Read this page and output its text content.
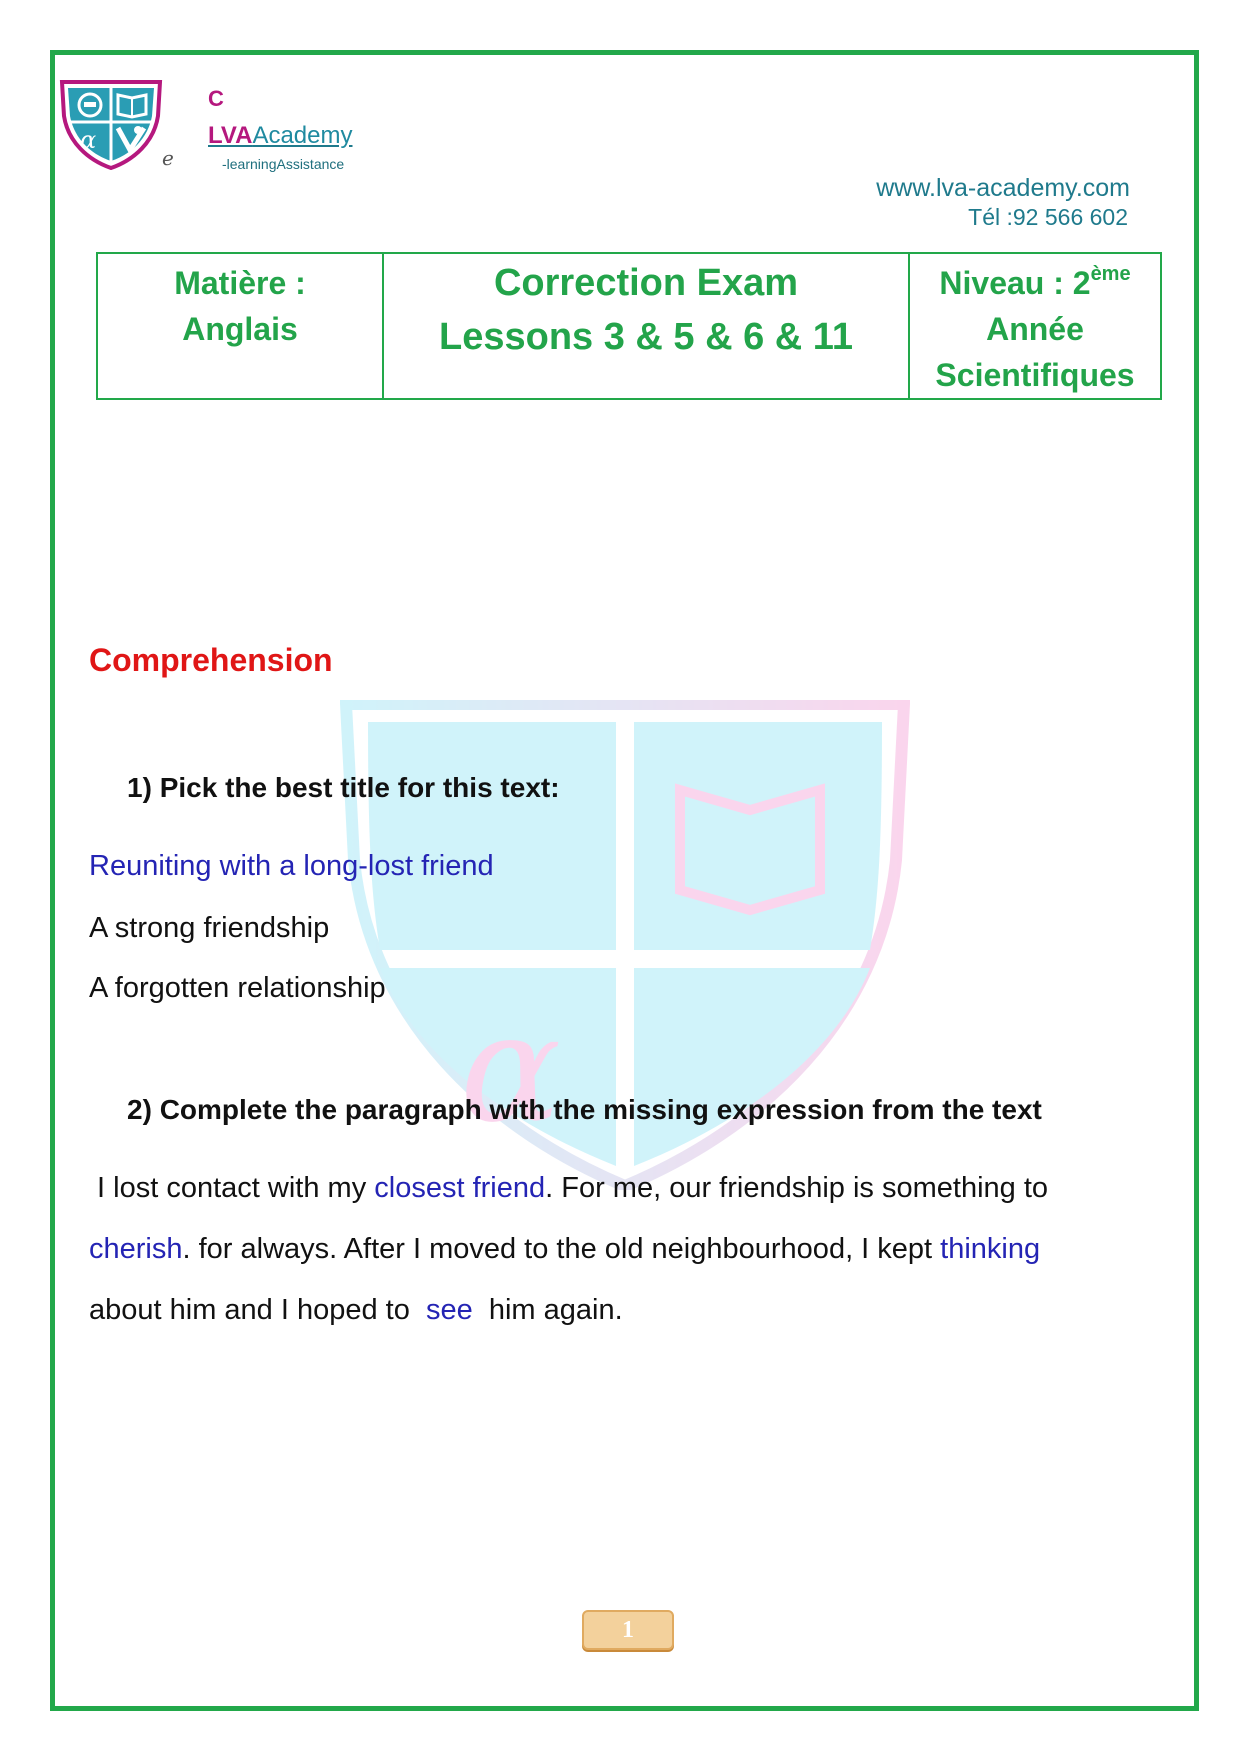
α
e
C
LVAAcademy
-learningAssistance
www.lva-academy.com
Tél :92 566 602
Matière :
Anglais

Correction Exam
Lessons 3 & 5 & 6 & 11

Niveau : 2ème
Année
Scientifiques
α
Comprehension
1) Pick the best title for this text:
Reuniting with a long-lost friend
A strong friendship
A forgotten relationship
2) Complete the paragraph with the missing expression from the text
I lost contact with my closest friend. For me, our friendship is something to
cherish. for always. After I moved to the old neighbourhood, I kept thinking
about him and I hoped to  see  him again.
1
